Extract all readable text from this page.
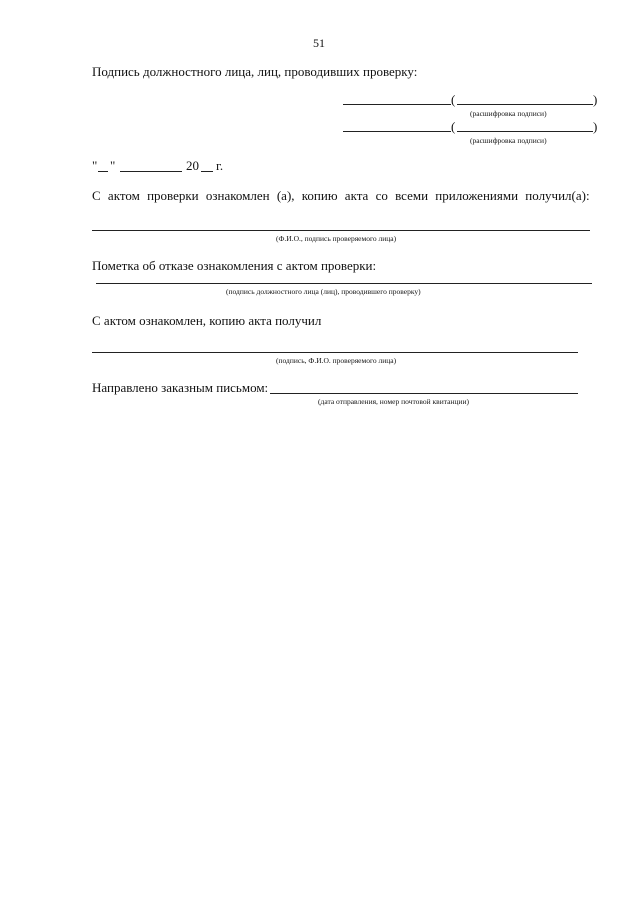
51
Подпись должностного лица, лиц, проводивших проверку:
(	)
(расшифровка подписи)
(	)
(расшифровка подписи)
" "	20 г.
С актом проверки ознакомлен (а), копию акта со всеми приложениями получил(а):
(Ф.И.О., подпись проверяемого лица)
Пометка об отказе ознакомления с актом проверки:
(подпись должностного лица (лиц), проводившего проверку)
С актом ознакомлен, копию акта получил
(подпись, Ф.И.О. проверяемого лица)
Направлено заказным письмом:
(дата отправления, номер почтовой квитанции)
